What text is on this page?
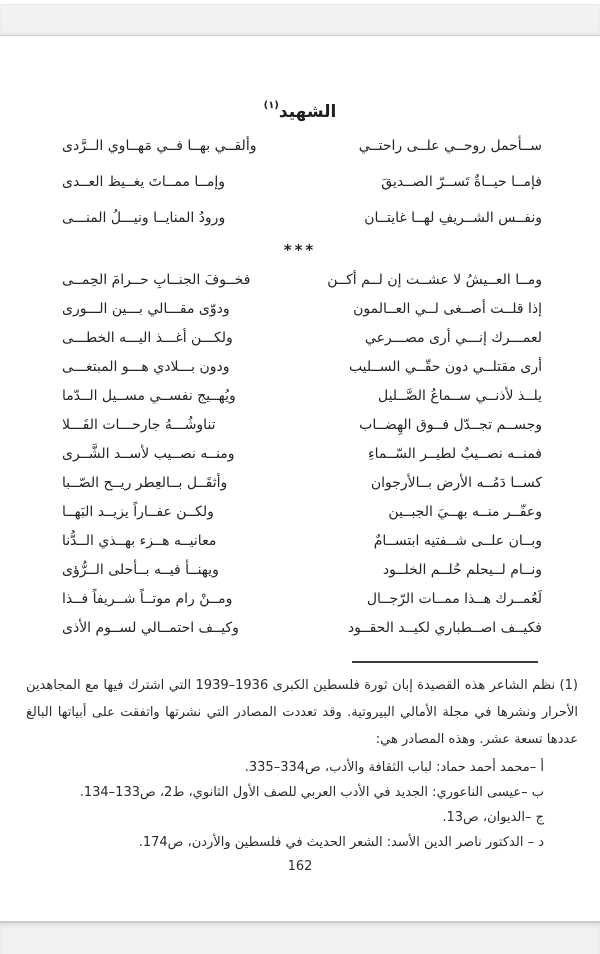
الشهيد$^{(١)}$
ســأحمل روحــي علــى راحتــي
وألقــي بهــا فــي مَهــاوي الــرَّدى
فإمــا حيــاةٌ تَســرّ الصــديقَ
وإمــا ممــاتَ يغــيظ العــدى
ونفــس الشــريفِ لهــا غايتــان
ورودُ المنايــا ونيـــلُ المنـــى
***
ومــا العــيشُ لا عشــت إن لــم أكــن
فخــوفَ الجنــابِ حــرامَ الحِمــى
إذا قلــت أصــغى لــي العــالمون
ودوّى مقـــالي بـــين الـــورى
لعمـــرك إنـــي أرى مصـــرعي
ولكـــن أغـــذ اليـــه الخطـــى
أرى مقتلــي دون حقّــي الســليب
ودون بـــلادي هـــو المبتغـــى
يلــذ لأذنــي ســماعُ الصَّــليل
ويُهــيج نفســي مســيل الــدّما
وجســم تجــدّل فــوق الهِضــاب
تناوشُـــهُ جارحـــات الفَـــلا
فمنــه نصــيبٌ لطيــر السّــماءِ
ومنــه نصــيب لأســد الشَّــرى
كســا دَمُــه الأرض بــالأرجوان
وأثقَــل بــالعِطر ريــح الصّــبا
وعفّــر منــه بهــيَ الجبــين
ولكــن عفــاراً يزيــد البَهــا
وبــان علــى شــفتيه ابتســامٌ
معانيــه هــزء بهــذي الــدُّنا
ونــام لــيحلم حُلــم الخلــود
ويهنــأ فيــه بــأحلى الــرُّؤى
لَعُمــرك هــذا ممــات الرّجــال
ومــنْ رام موتــاً شــريفاً فــذا
فكيــف اصــطباري لكيــد الحقــود
وكيــف احتمــالي لســوم الأذى

(1) نظم الشاعر هذه القصيدة إبان ثورة فلسطين الكبرى 1936–1939 التي اشترك فيها مع المجاهدين الأحرار ونشرها في مجلة الأمالي البيروتية. وقد تعددت المصادر التي نشرتها واتفقت على أبياتها البالغ عددها تسعة عشر. وهذه المصادر هي:

أ –محمد أحمد حماد: لباب الثقافة والأدب، ص334–335.
ب –عيسى الناعوري: الجديد في الأدب العربي للصف الأول الثانوي، ط2، ص133–134.
ج –الديوان، ص13.
د – الدكتور ناصر الدين الأسد: الشعر الحديث في فلسطين والأردن، ص174.
162
